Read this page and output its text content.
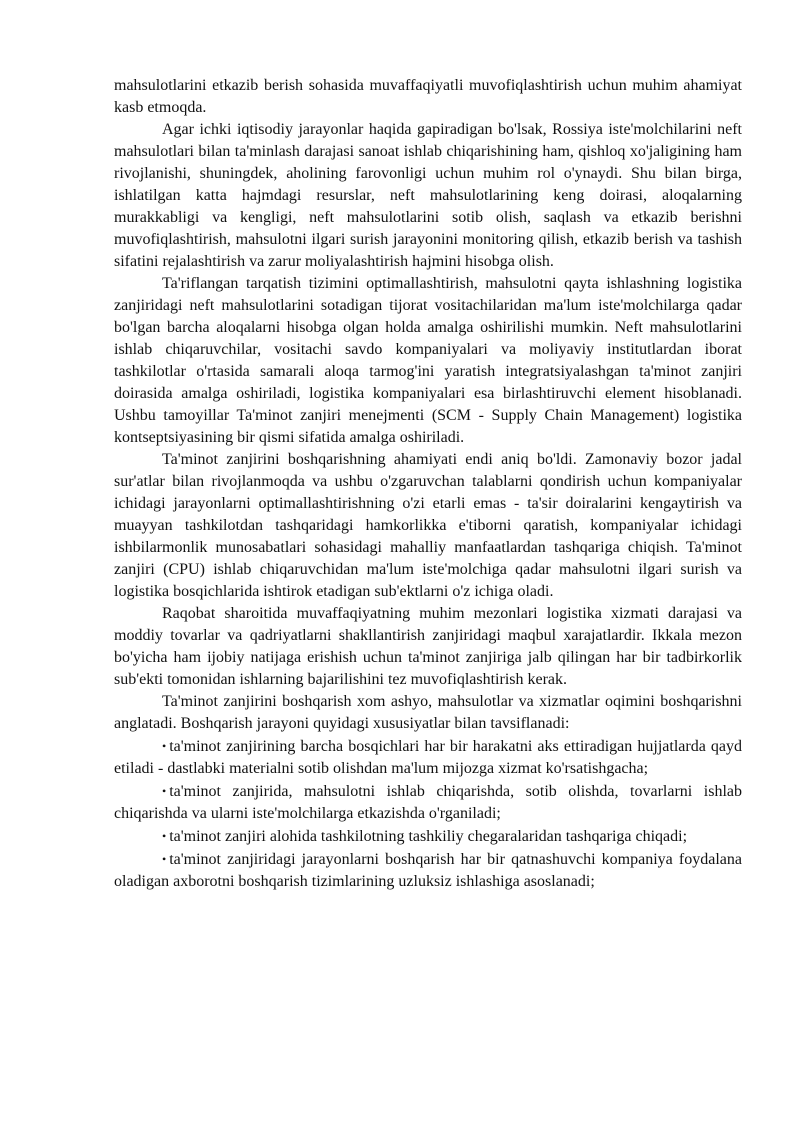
mahsulotlarini etkazib berish sohasida muvaffaqiyatli muvofiqlashtirish uchun muhim ahamiyat kasb etmoqda.

Agar ichki iqtisodiy jarayonlar haqida gapiradigan bo'lsak, Rossiya iste'molchilarini neft mahsulotlari bilan ta'minlash darajasi sanoat ishlab chiqarishining ham, qishloq xo'jaligining ham rivojlanishi, shuningdek, aholining farovonligi uchun muhim rol o'ynaydi. Shu bilan birga, ishlatilgan katta hajmdagi resurslar, neft mahsulotlarining keng doirasi, aloqalarning murakkabligi va kengligi, neft mahsulotlarini sotib olish, saqlash va etkazib berishni muvofiqlashtirish, mahsulotni ilgari surish jarayonini monitoring qilish, etkazib berish va tashish sifatini rejalashtirish va zarur moliyalashtirish hajmini hisobga olish.

Ta'riflangan tarqatish tizimini optimallashtirish, mahsulotni qayta ishlashning logistika zanjiridagi neft mahsulotlarini sotadigan tijorat vositachilaridan ma'lum iste'molchilarga qadar bo'lgan barcha aloqalarni hisobga olgan holda amalga oshirilishi mumkin. Neft mahsulotlarini ishlab chiqaruvchilar, vositachi savdo kompaniyalari va moliyaviy institutlardan iborat tashkilotlar o'rtasida samarali aloqa tarmog'ini yaratish integratsiyalashgan ta'minot zanjiri doirasida amalga oshiriladi, logistika kompaniyalari esa birlashtiruvchi element hisoblanadi. Ushbu tamoyillar Ta'minot zanjiri menejmenti (SCM - Supply Chain Management) logistika kontseptsiyasining bir qismi sifatida amalga oshiriladi.

Ta'minot zanjirini boshqarishning ahamiyati endi aniq bo'ldi. Zamonaviy bozor jadal sur'atlar bilan rivojlanmoqda va ushbu o'zgaruvchan talablarni qondirish uchun kompaniyalar ichidagi jarayonlarni optimallashtirishning o'zi etarli emas - ta'sir doiralarini kengaytirish va muayyan tashkilotdan tashqaridagi hamkorlikka e'tiborni qaratish, kompaniyalar ichidagi ishbilarmonlik munosabatlari sohasidagi mahalliy manfaatlardan tashqariga chiqish. Ta'minot zanjiri (CPU) ishlab chiqaruvchidan ma'lum iste'molchiga qadar mahsulotni ilgari surish va logistika bosqichlarida ishtirok etadigan sub'ektlarni o'z ichiga oladi.

Raqobat sharoitida muvaffaqiyatning muhim mezonlari logistika xizmati darajasi va moddiy tovarlar va qadriyatlarni shakllantirish zanjiridagi maqbul xarajatlardir. Ikkala mezon bo'yicha ham ijobiy natijaga erishish uchun ta'minot zanjiriga jalb qilingan har bir tadbirkorlik sub'ekti tomonidan ishlarning bajarilishini tez muvofiqlashtirish kerak.

Ta'minot zanjirini boshqarish xom ashyo, mahsulotlar va xizmatlar oqimini boshqarishni anglatadi. Boshqarish jarayoni quyidagi xususiyatlar bilan tavsiflanadi:

• ta'minot zanjirining barcha bosqichlari har bir harakatni aks ettiradigan hujjatlarda qayd etiladi - dastlabki materialni sotib olishdan ma'lum mijozga xizmat ko'rsatishgacha;

• ta'minot zanjirida, mahsulotni ishlab chiqarishda, sotib olishda, tovarlarni ishlab chiqarishda va ularni iste'molchilarga etkazishda o'rganiladi;

• ta'minot zanjiri alohida tashkilotning tashkiliy chegaralaridan tashqariga chiqadi;

• ta'minot zanjiridagi jarayonlarni boshqarish har bir qatnashuvchi kompaniya foydalana oladigan axborotni boshqarish tizimlarining uzluksiz ishlashiga asoslanadi;
